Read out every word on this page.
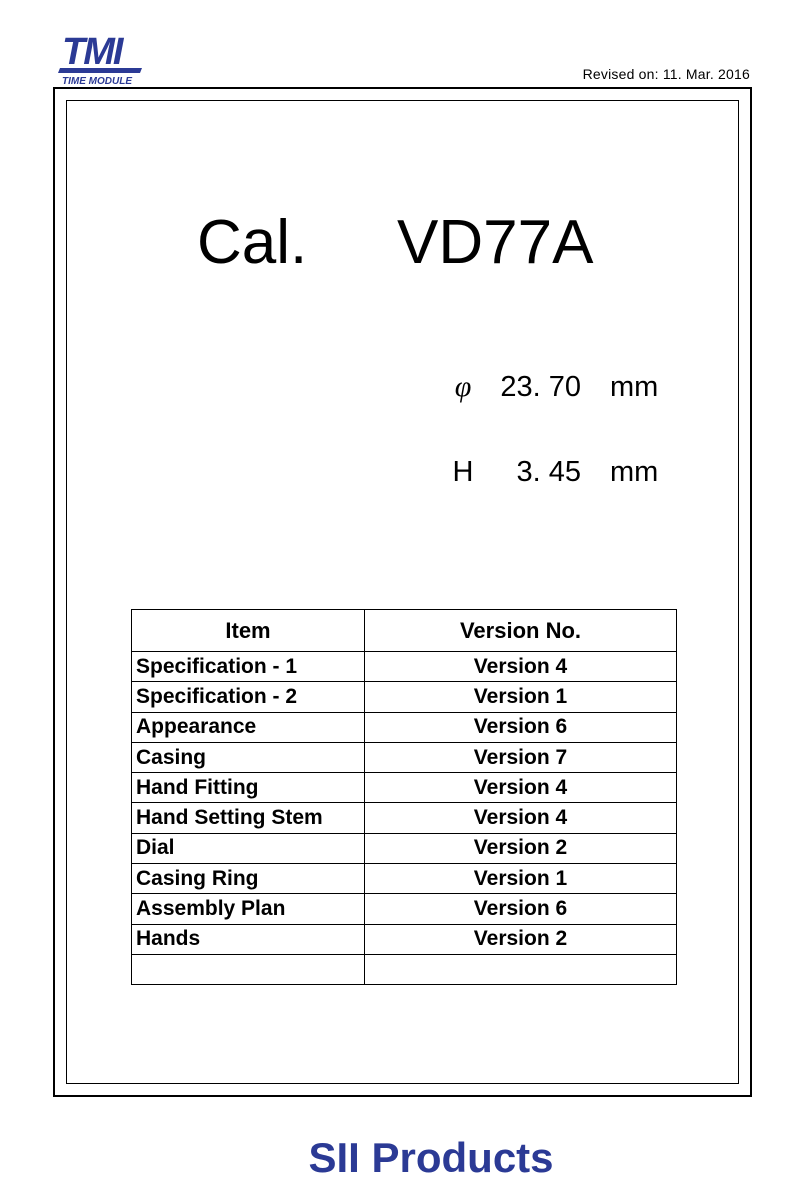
TMI
TIME MODULE	Revised on: 11. Mar. 2016
Cal. VD77A
φ 23. 70 mm
H 3. 45 mm
Item	Version No.
Specification - 1	Version 4
Specification - 2	Version 1
Appearance	Version 6
Casing	Version 7
Hand Fitting	Version 4
Hand Setting Stem	Version 4
Dial	Version 2
Casing Ring	Version 1
Assembly Plan	Version 6
Hands	Version 2

SII Products
